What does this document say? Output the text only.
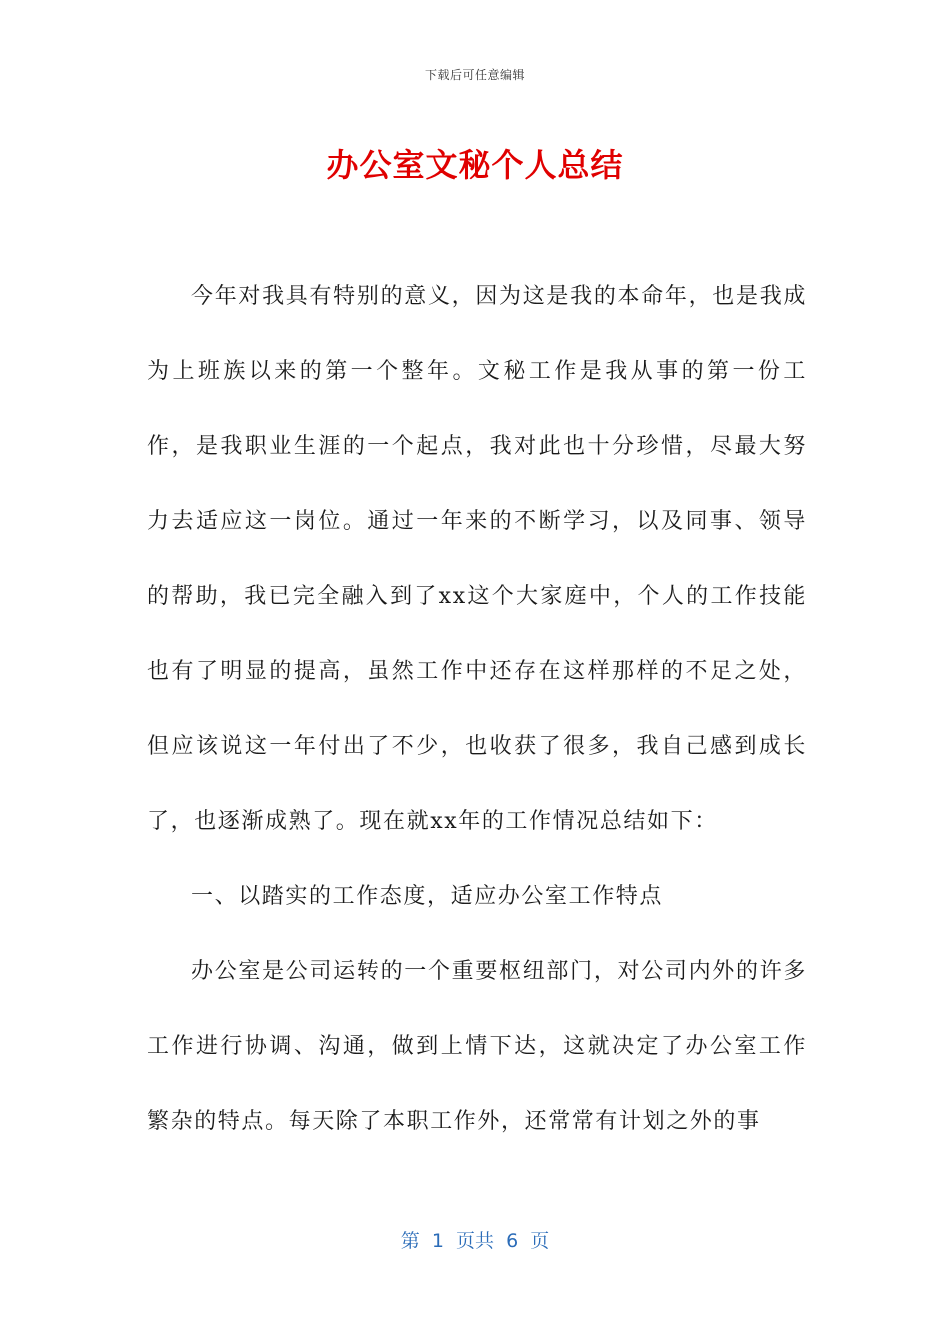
下载后可任意编辑
办公室文秘个人总结

今年对我具有特别的意义，因为这是我的本命年，也是我成为上班族以来的第一个整年。文秘工作是我从事的第一份工作，是我职业生涯的一个起点，我对此也十分珍惜，尽最大努力去适应这一岗位。通过一年来的不断学习，以及同事、领导的帮助，我已完全融入到了xx这个大家庭中，个人的工作技能也有了明显的提高，虽然工作中还存在这样那样的不足之处，但应该说这一年付出了不少，也收获了很多，我自己感到成长了，也逐渐成熟了。现在就xx年的工作情况总结如下：

一、以踏实的工作态度，适应办公室工作特点

办公室是公司运转的一个重要枢纽部门，对公司内外的许多工作进行协调、沟通，做到上情下达，这就决定了办公室工作繁杂的特点。每天除了本职工作外，还常常有计划之外的事

第  1  页共  6  页
